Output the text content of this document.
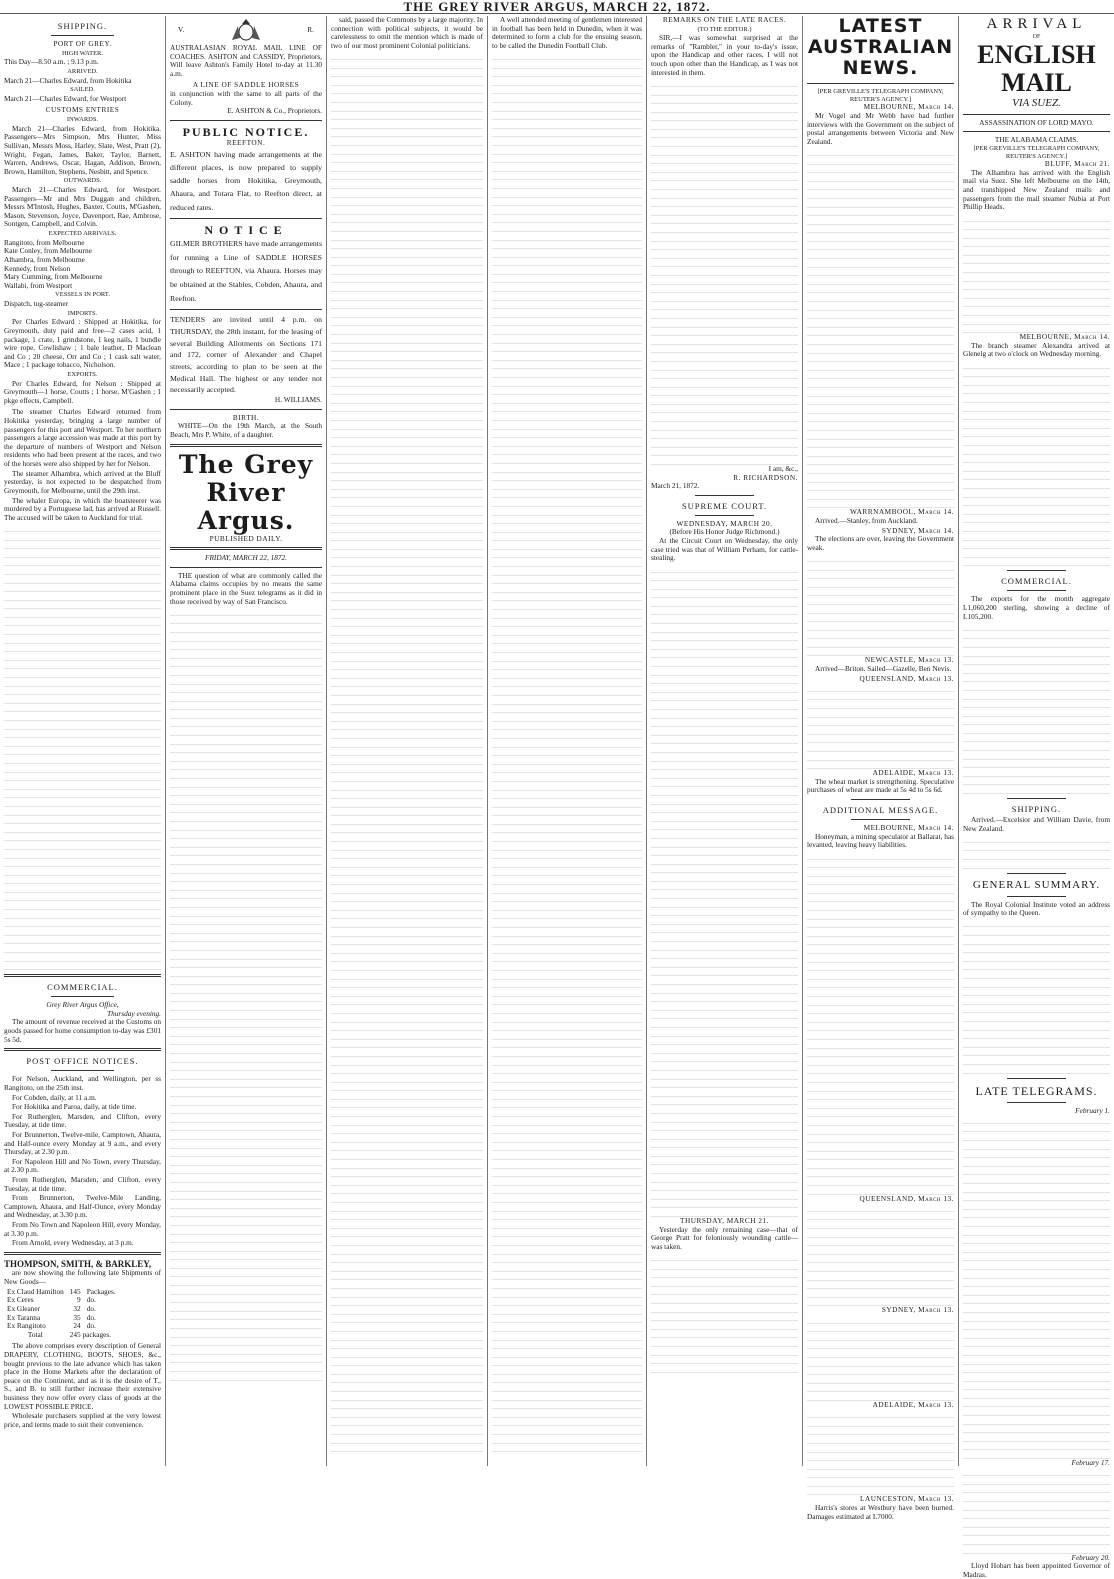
THE GREY RIVER ARGUS, MARCH 22, 1872.
SHIPPING.
PORT OF GREY.
HIGH WATER.
This Day—8.50 a.m. ; 9.13 p.m.
ARRIVED.
March 21—Charles Edward, from Hokitika
SAILED.
March 21—Charles Edward, for Westport
CUSTOMS ENTRIES
INWARDS.
March 21—Charles Edward, from Hokitika. Passengers—Mrs Simpson, Mrs Hunter, Miss Sullivan, Messrs Moss, Harley, Slate, West, Pratt (2), Wright, Fegan, James, Baker, Taylor, Barnett, Warren, Andrews, Oscar, Hagan, Addison, Brown, Brown, Hamilton, Stephens, Nesbitt, and Spence.
OUTWARDS.
March 21—Charles Edward, for Westport. Passengers—Mr and Mrs Duggan and children, Messrs M'Intosh, Hughes, Baxter, Coutts, M'Gashen, Mason, Stevenson, Joyce, Davenport, Rae, Ambrose, Sontgen, Campbell, and Colvin.
EXPECTED ARRIVALS.
Rangitoto, from Melbourne
Kate Conley, from Melbourne
Alhambra, from Melbourne
Kennedy, from Nelson
Mary Cumming, from Melbourne
Wallabi, from Westport
VESSELS IN PORT.
Dispatch, tug-steamer
IMPORTS.
Per Charles Edward : Shipped at Hokitika, for Greymouth, duty paid and free—2 cases acid, 1 package, 1 crate, 1 grindstone, 1 keg nails, 1 bundle wire rope, Cowlishaw ; 1 bale leather, D Maclean and Co ; 20 cheese, Orr and Co ; 1 cask salt water, Mace ; 1 package tobacco, Nicholson.
EXPORTS.
Per Charles Edward, for Nelson : Shipped at Greymouth—1 horse, Coutts ; 1 horse, M'Gashen ; 1 pkge effects, Campbell.
The steamer Charles Edward returned from Hokitika yesterday, bringing a large number of passengers for this port and Westport. To her northern passengers a large accession was made at this port by the departure of numbers of Westport and Nelson residents who had been present at the races, and two of the horses were also shipped by her for Nelson.
The steamer Alhambra, which arrived at the Bluff yesterday, is not expected to be despatched from Greymouth, for Melbourne, until the 29th inst.
The whaler Europa, in which the boatsteerer was murdered by a Portuguese lad, has arrived at Russell. The accused will be taken to Auckland for trial.
COMMERCIAL.
Grey River Argus Office,
Thursday evening.
The amount of revenue received at the Customs on goods passed for home consumption to-day was £301 5s 5d.
POST OFFICE NOTICES.
For Nelson, Auckland, and Wellington, per ss Rangitoto, on the 25th inst.
For Cobden, daily, at 11 a.m.
For Hokitika and Paroa, daily, at tide time.
For Rutherglen, Marsden, and Clifton, every Tuesday, at tide time.
For Brunnerton, Twelve-mile, Camptown, Ahaura, and Half-ounce every Monday at 9 a.m., and every Thursday, at 2.30 p.m.
For Napoleon Hill and No Town, every Thursday, at 2.30 p.m.
From Rutherglen, Marsden, and Clifton, every Tuesday, at tide time.
From Brunnerton, Twelve-Mile Landing, Camptown, Ahaura, and Half-Ounce, every Monday and Wednesday, at 3.30 p.m.
From No Town and Napoleon Hill, every Monday, at 3.30 p.m.
From Arnold, every Wednesday, at 3 p.m.
THOMPSON, SMITH, & BARKLEY,
are now showing the following late Shipments of New Goods—
Ex Claud Hamilton	145	Packages.
Ex Ceres	9	do.
Ex Gleaner	32	do.
Ex Taranna	35	do.
Ex Rangitoto	24	do.
Total	245 packages.	
The above comprises every description of General DRAPERY, CLOTHING, BOOTS, SHOES, &c., bought previous to the late advance which has taken place in the Home Markets after the declaration of peace on the Continent, and as it is the desire of T., S., and B. to still further increase their extensive business they now offer every class of goods at the LOWEST POSSIBLE PRICE.
Wholesale purchasers supplied at the very lowest price, and terms made to suit their convenience.
V.	R.
AUSTRALASIAN ROYAL MAIL LINE OF COACHES. ASHTON and CASSIDY, Proprietors, Will leave Ashton's Family Hotel to-day at 11.30 a.m.
A LINE OF SADDLE HORSES
in conjunction with the same to all parts of the Colony.
E. ASHTON & Co., Proprietors.
PUBLIC NOTICE.
REEFTON.
E. ASHTON having made arrangements at the different places, is now prepared to supply saddle horses from Hokitika, Greymouth, Ahaura, and Totara Flat, to Reefton direct, at reduced rates.
NOTICE
GILMER BROTHERS have made arrangements for running a Line of SADDLE HORSES through to REEFTON, via Ahaura. Horses may be obtained at the Stables, Cobden, Ahaura, and Reefton.
TENDERS are invited until 4 p.m. on THURSDAY, the 28th instant, for the leasing of several Building Allotments on Sections 171 and 172, corner of Alexander and Chapel streets, according to plan to be seen at the Medical Hall. The highest or any tender not necessarily accepted.
H. WILLIAMS.
BIRTH.
WHITE—On the 19th March, at the South Beach, Mrs P. White, of a daughter.
The Grey River Argus.
PUBLISHED DAILY.
FRIDAY, MARCH 22, 1872.
THE question of what are commonly called the Alabama claims occupies by no means the same prominent place in the Suez telegrams as it did in those received by way of San Francisco.
said, passed the Commons by a large majority. In connection with political subjects, it would be carelessness to omit the mention which is made of two of our most prominent Colonial politicians.
A well attended meeting of gentlemen interested in football has been held in Dunedin, when it was determined to form a club for the ensuing season, to be called the Dunedin Football Club.
REMARKS ON THE LATE RACES.
(TO THE EDITOR.)
SIR,—I was somewhat surprised at the remarks of "Rambler," in your to-day's issue, upon the Handicap and other races. I will not touch upon other than the Handicap, as I was not interested in them.
I am, &c.,
R. RICHARDSON.
March 21, 1872.
SUPREME COURT.
WEDNESDAY, MARCH 20.
(Before His Honor Judge Richmond.)
At the Circuit Court on Wednesday, the only case tried was that of William Perham, for cattle-stealing.
THURSDAY, MARCH 21.
Yesterday the only remaining case—that of George Pratt for feloniously wounding cattle—was taken.
LATEST AUSTRALIAN
NEWS.
[PER GREVILLE'S TELEGRAPH COMPANY, REUTER'S AGENCY.]
MELBOURNE, March 14.
Mr Vogel and Mr Webb have had further interviews with the Government on the subject of postal arrangements between Victoria and New Zealand.
WARRNAMBOOL, March 14.
Arrived.—Stanley, from Auckland.
SYDNEY, March 14.
The elections are over, leaving the Government weak.
NEWCASTLE, March 13.
Arrived—Briton. Sailed—Gazelle, Ben Nevis.
QUEENSLAND, March 13.
ADELAIDE, March 13.
The wheat market is strengthening. Speculative purchases of wheat are made at 5s 4d to 5s 6d.
ADDITIONAL MESSAGE.
MELBOURNE, March 14.
Honeyman, a mining speculator at Ballarat, has levanted, leaving heavy liabilities.
QUEENSLAND, March 13.
SYDNEY, March 13.
ADELAIDE, March 13.
LAUNCESTON, March 13.
Harris's stores at Westbury have been burned. Damages estimated at L7000.
ARRIVAL
OF
ENGLISH MAIL
VIA SUEZ.
ASSASSINATION OF LORD MAYO.
THE ALABAMA CLAIMS.
[PER GREVILLE'S TELEGRAPH COMPANY, REUTER'S AGENCY.]
BLUFF, March 21.
The Alhambra has arrived with the English mail via Suez. She left Melbourne on the 14th, and transhipped New Zealand mails and passengers from the mail steamer Nubia at Port Phillip Heads.
MELBOURNE, March 14.
The branch steamer Alexandra arrived at Glenelg at two o'clock on Wednesday morning.
COMMERCIAL.
The exports for the month aggregate L1,060,200 sterling, showing a decline of L105,200.
SHIPPING.
Arrived.—Excelsior and William Davie, from New Zealand.
GENERAL SUMMARY.
The Royal Colonial Institute voted an address of sympathy to the Queen.
LATE TELEGRAMS.
February 1.
February 17.
February 20.
Lloyd Hobart has been appointed Governor of Madras.
